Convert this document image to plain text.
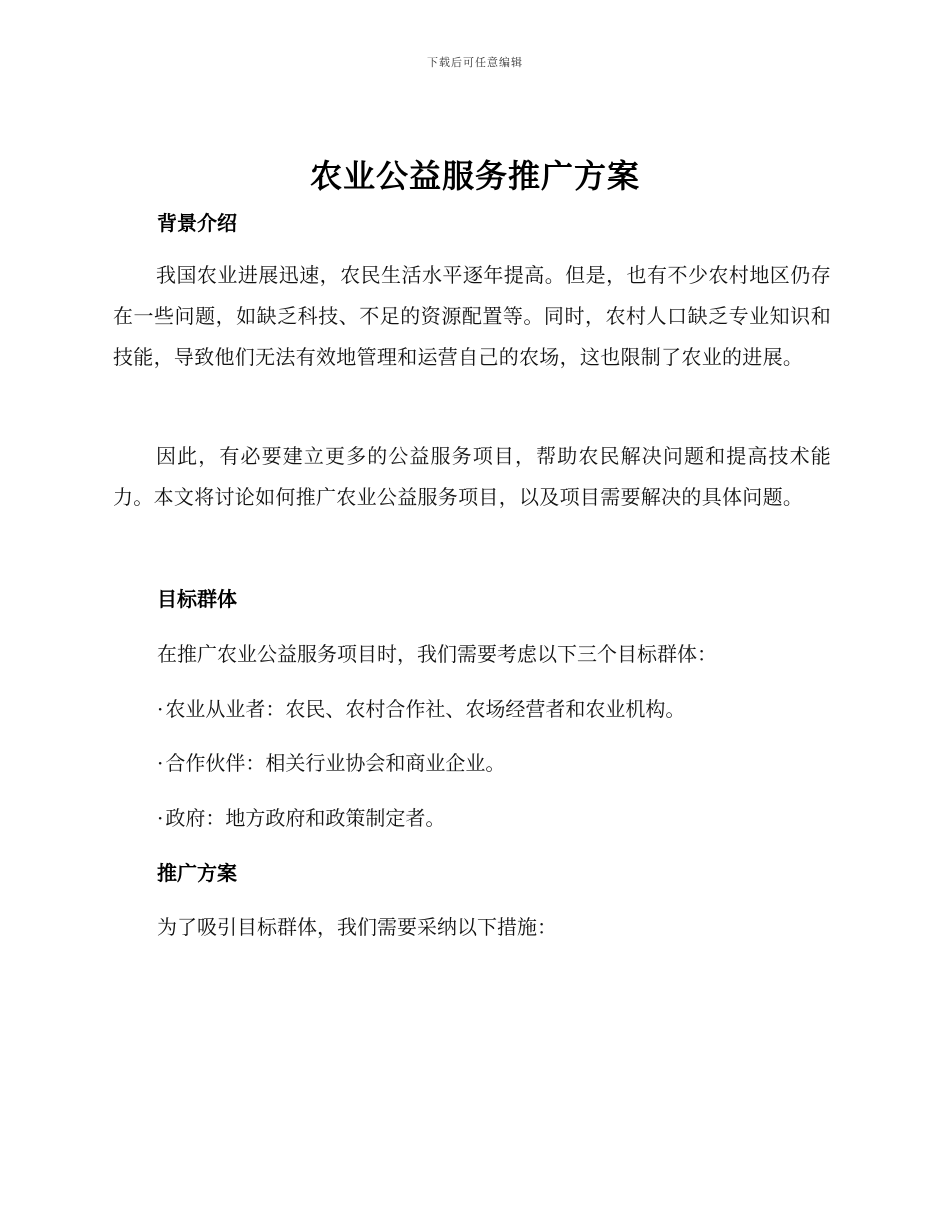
下载后可任意编辑
农业公益服务推广方案
背景介绍

我国农业进展迅速，农民生活水平逐年提高。但是，也有不少农村地区仍存在一些问题，如缺乏科技、不足的资源配置等。同时，农村人口缺乏专业知识和技能，导致他们无法有效地管理和运营自己的农场，这也限制了农业的进展。

因此，有必要建立更多的公益服务项目，帮助农民解决问题和提高技术能力。本文将讨论如何推广农业公益服务项目，以及项目需要解决的具体问题。

目标群体

在推广农业公益服务项目时，我们需要考虑以下三个目标群体：

· 农业从业者：农民、农村合作社、农场经营者和农业机构。

· 合作伙伴：相关行业协会和商业企业。

· 政府：地方政府和政策制定者。

推广方案

为了吸引目标群体，我们需要采纳以下措施：
